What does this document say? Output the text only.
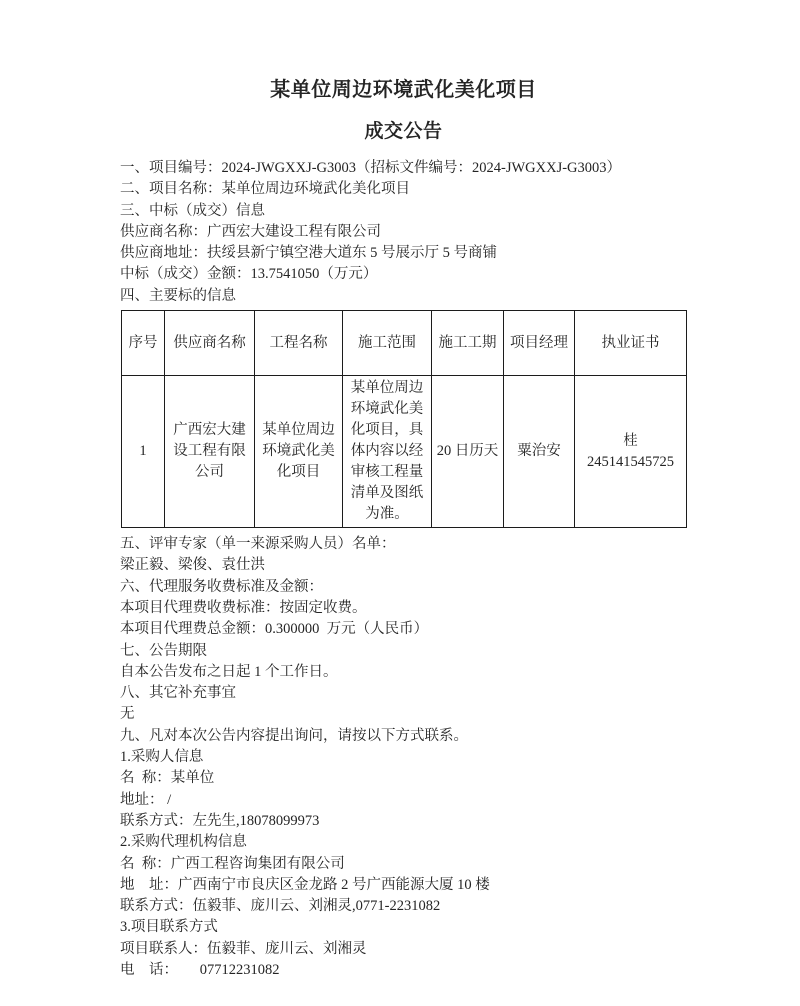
某单位周边环境武化美化项目
成交公告

一、项目编号：2024-JWGXXJ-G3003（招标文件编号：2024-JWGXXJ-G3003）

二、项目名称：某单位周边环境武化美化项目

三、中标（成交）信息

供应商名称：广西宏大建设工程有限公司

供应商地址：扶绥县新宁镇空港大道东 5 号展示厅 5 号商铺

中标（成交）金额：13.7541050（万元）

四、主要标的信息

序号	供应商名称	工程名称	施工范围	施工工期	项目经理	执业证书
1	广西宏大建设工程有限公司	某单位周边环境武化美化项目	某单位周边环境武化美化项目，具体内容以经审核工程量清单及图纸为准。	20 日历天	粟治安	桂 245141545725

五、评审专家（单一来源采购人员）名单：

梁正毅、梁俊、袁仕洪

六、代理服务收费标准及金额：

本项目代理费收费标准：按固定收费。

本项目代理费总金额：0.300000  万元（人民币）

七、公告期限

自本公告发布之日起 1 个工作日。

八、其它补充事宜

无

九、凡对本次公告内容提出询问，请按以下方式联系。

1.采购人信息

名  称：某单位

地址： /

联系方式：左先生,18078099973

2.采购代理机构信息

名  称：广西工程咨询集团有限公司

地　址：广西南宁市良庆区金龙路 2 号广西能源大厦 10 楼

联系方式：伍毅菲、庞川云、刘湘灵,0771-2231082

3.项目联系方式

项目联系人：伍毅菲、庞川云、刘湘灵

电　话：　　07712231082
